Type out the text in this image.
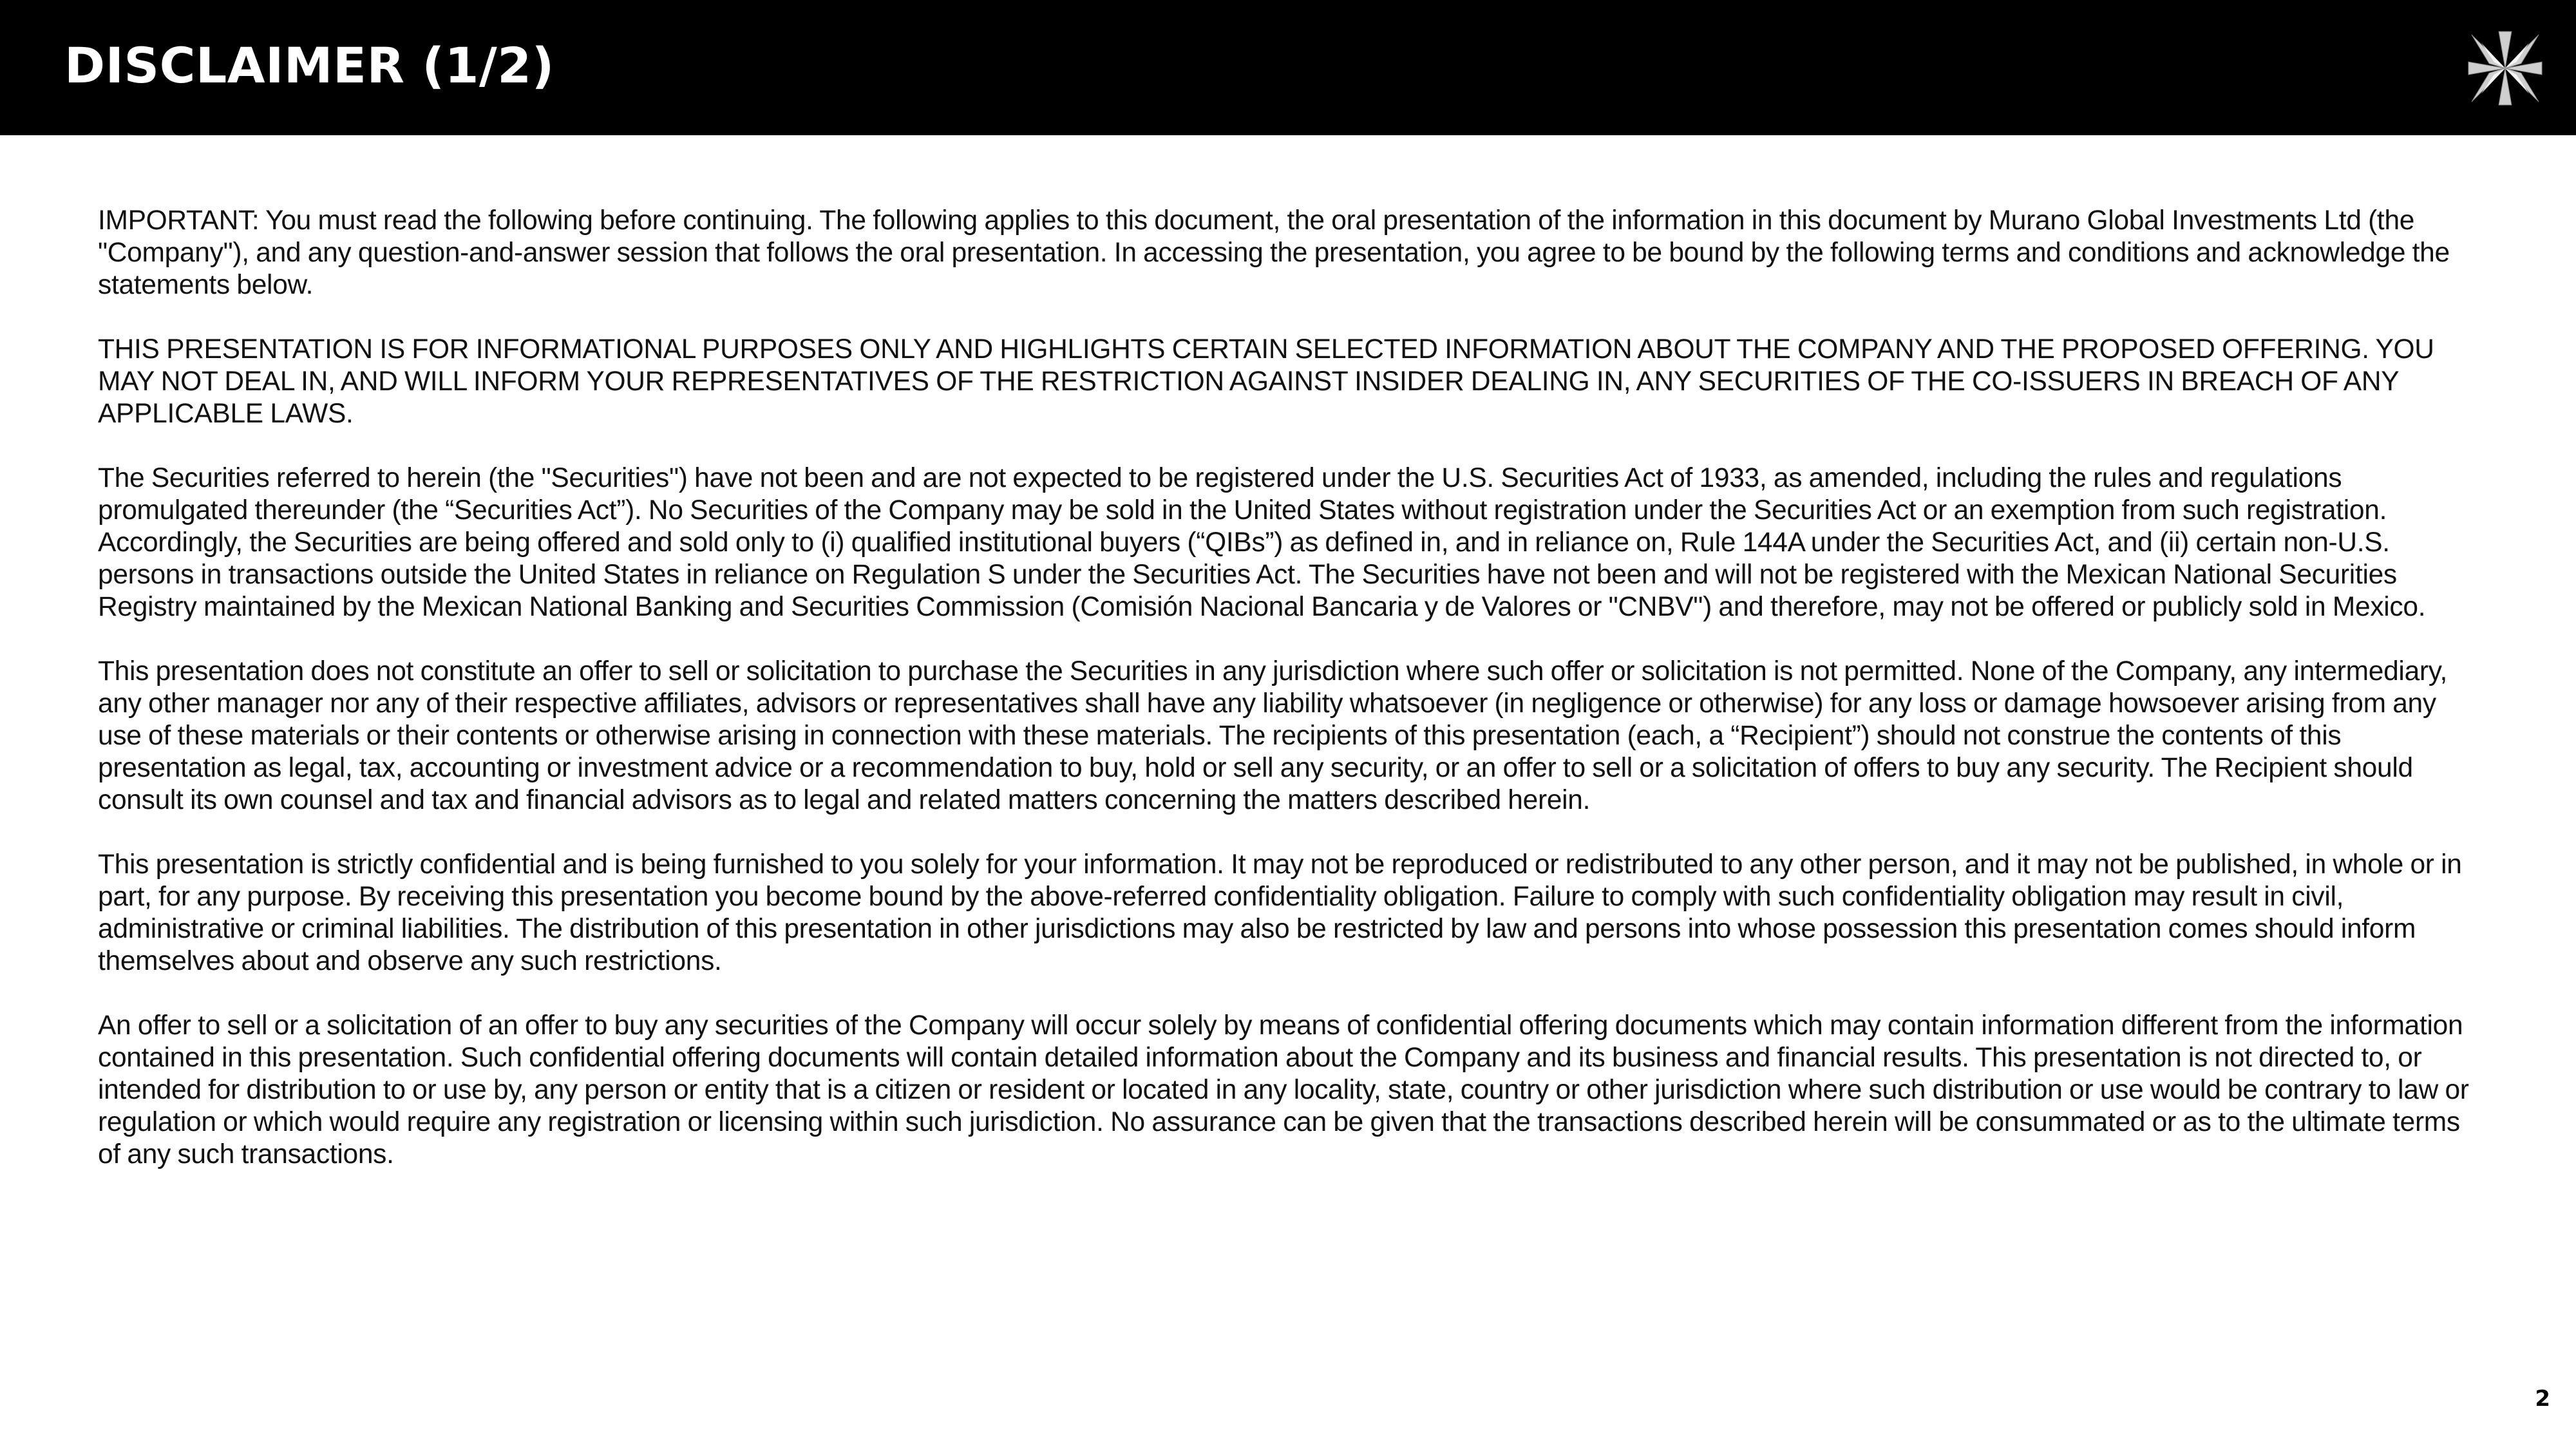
DISCLAIMER (1/2)

IMPORTANT: You must read the following before continuing. The following applies to this document, the oral presentation of the information in this document by Murano Global Investments Ltd (the "Company"), and any question-and-answer session that follows the oral presentation. In accessing the presentation, you agree to be bound by the following terms and conditions and acknowledge the statements below.

THIS PRESENTATION IS FOR INFORMATIONAL PURPOSES ONLY AND HIGHLIGHTS CERTAIN SELECTED INFORMATION ABOUT THE COMPANY AND THE PROPOSED OFFERING. YOU MAY NOT DEAL IN, AND WILL INFORM YOUR REPRESENTATIVES OF THE RESTRICTION AGAINST INSIDER DEALING IN, ANY SECURITIES OF THE CO-ISSUERS IN BREACH OF ANY APPLICABLE LAWS.

The Securities referred to herein (the "Securities") have not been and are not expected to be registered under the U.S. Securities Act of 1933, as amended, including the rules and regulations promulgated thereunder (the “Securities Act”). No Securities of the Company may be sold in the United States without registration under the Securities Act or an exemption from such registration. Accordingly, the Securities are being offered and sold only to (i) qualified institutional buyers (“QIBs”) as defined in, and in reliance on, Rule 144A under the Securities Act, and (ii) certain non-U.S. persons in transactions outside the United States in reliance on Regulation S under the Securities Act. The Securities have not been and will not be registered with the Mexican National Securities Registry maintained by the Mexican National Banking and Securities Commission (Comisión Nacional Bancaria y de Valores or "CNBV") and therefore, may not be offered or publicly sold in Mexico.

This presentation does not constitute an offer to sell or solicitation to purchase the Securities in any jurisdiction where such offer or solicitation is not permitted. None of the Company, any intermediary, any other manager nor any of their respective affiliates, advisors or representatives shall have any liability whatsoever (in negligence or otherwise) for any loss or damage howsoever arising from any use of these materials or their contents or otherwise arising in connection with these materials. The recipients of this presentation (each, a “Recipient”) should not construe the contents of this presentation as legal, tax, accounting or investment advice or a recommendation to buy, hold or sell any security, or an offer to sell or a solicitation of offers to buy any security. The Recipient should consult its own counsel and tax and financial advisors as to legal and related matters concerning the matters described herein.

This presentation is strictly confidential and is being furnished to you solely for your information. It may not be reproduced or redistributed to any other person, and it may not be published, in whole or in part, for any purpose. By receiving this presentation you become bound by the above-referred confidentiality obligation. Failure to comply with such confidentiality obligation may result in civil, administrative or criminal liabilities. The distribution of this presentation in other jurisdictions may also be restricted by law and persons into whose possession this presentation comes should inform themselves about and observe any such restrictions.

An offer to sell or a solicitation of an offer to buy any securities of the Company will occur solely by means of confidential offering documents which may contain information different from the information contained in this presentation. Such confidential offering documents will contain detailed information about the Company and its business and financial results. This presentation is not directed to, or intended for distribution to or use by, any person or entity that is a citizen or resident or located in any locality, state, country or other jurisdiction where such distribution or use would be contrary to law or regulation or which would require any registration or licensing within such jurisdiction. No assurance can be given that the transactions described herein will be consummated or as to the ultimate terms of any such transactions.

2
